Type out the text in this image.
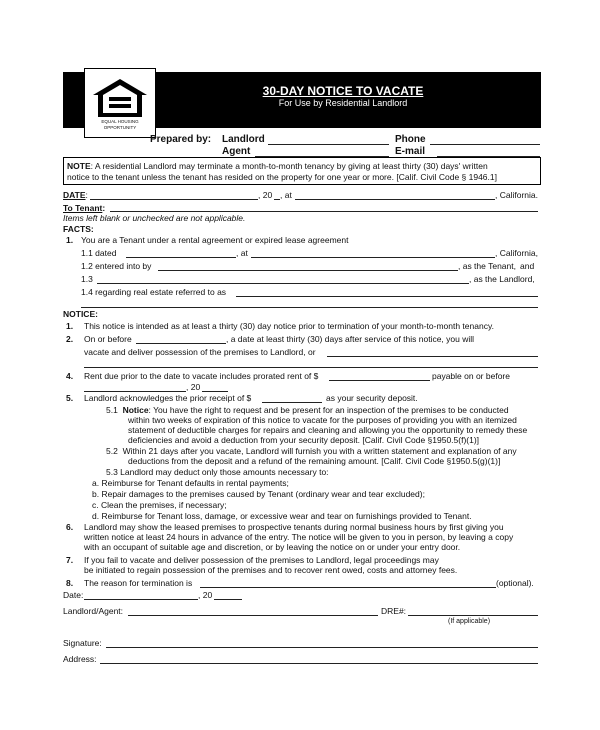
EQUAL HOUSING OPPORTUNITY
30-DAY NOTICE TO VACATE
For Use by Residential Landlord
Prepared by: Landlord	Phone
Agent	E-mail
NOTE: A residential Landlord may terminate a month-to-month tenancy by giving at least thirty (30) days' written
notice to the tenant unless the tenant has resided on the property for one year or more. [Calif. Civil Code § 1946.1]
DATE:	, 20 , at	, California.
To Tenant:
Items left blank or unchecked are not applicable.
FACTS:
1. You are a Tenant under a rental agreement or expired lease agreement
1.1 dated	, at	, California,
1.2 entered into by	, as the Tenant, and
1.3	, as the Landlord,
1.4 regarding real estate referred to as
NOTICE:
1. This notice is intended as at least a thirty (30) day notice prior to termination of your month-to-month tenancy.
2. On or before	, a date at least thirty (30) days after service of this notice, you will
vacate and deliver possession of the premises to Landlord, or
4. Rent due prior to the date to vacate includes prorated rent of $	payable on or before
, 20
5. Landlord acknowledges the prior receipt of $	as your security deposit.
5.1 Notice: You have the right to request and be present for an inspection of the premises to be conducted
within two weeks of expiration of this notice to vacate for the purposes of providing you with an itemized
statement of deductible charges for repairs and cleaning and allowing you the opportunity to remedy these
deficiencies and avoid a deduction from your security deposit. [Calif. Civil Code §1950.5(f)(1)]
5.2 Within 21 days after you vacate, Landlord will furnish you with a written statement and explanation of any
deductions from the deposit and a refund of the remaining amount. [Calif. Civil Code §1950.5(g)(1)]
5.3 Landlord may deduct only those amounts necessary to:
a. Reimburse for Tenant defaults in rental payments;
b. Repair damages to the premises caused by Tenant (ordinary wear and tear excluded);
c. Clean the premises, if necessary;
d. Reimburse for Tenant loss, damage, or excessive wear and tear on furnishings provided to Tenant.
6. Landlord may show the leased premises to prospective tenants during normal business hours by first giving you
written notice at least 24 hours in advance of the entry. The notice will be given to you in person, by leaving a copy
with an occupant of suitable age and discretion, or by leaving the notice on or under your entry door.
7. If you fail to vacate and deliver possession of the premises to Landlord, legal proceedings may
be initiated to regain possession of the premises and to recover rent owed, costs and attorney fees.
8. The reason for termination is	(optional).
Date:	, 20
Landlord/Agent:	DRE#:
(If applicable)
Signature:
Address:
